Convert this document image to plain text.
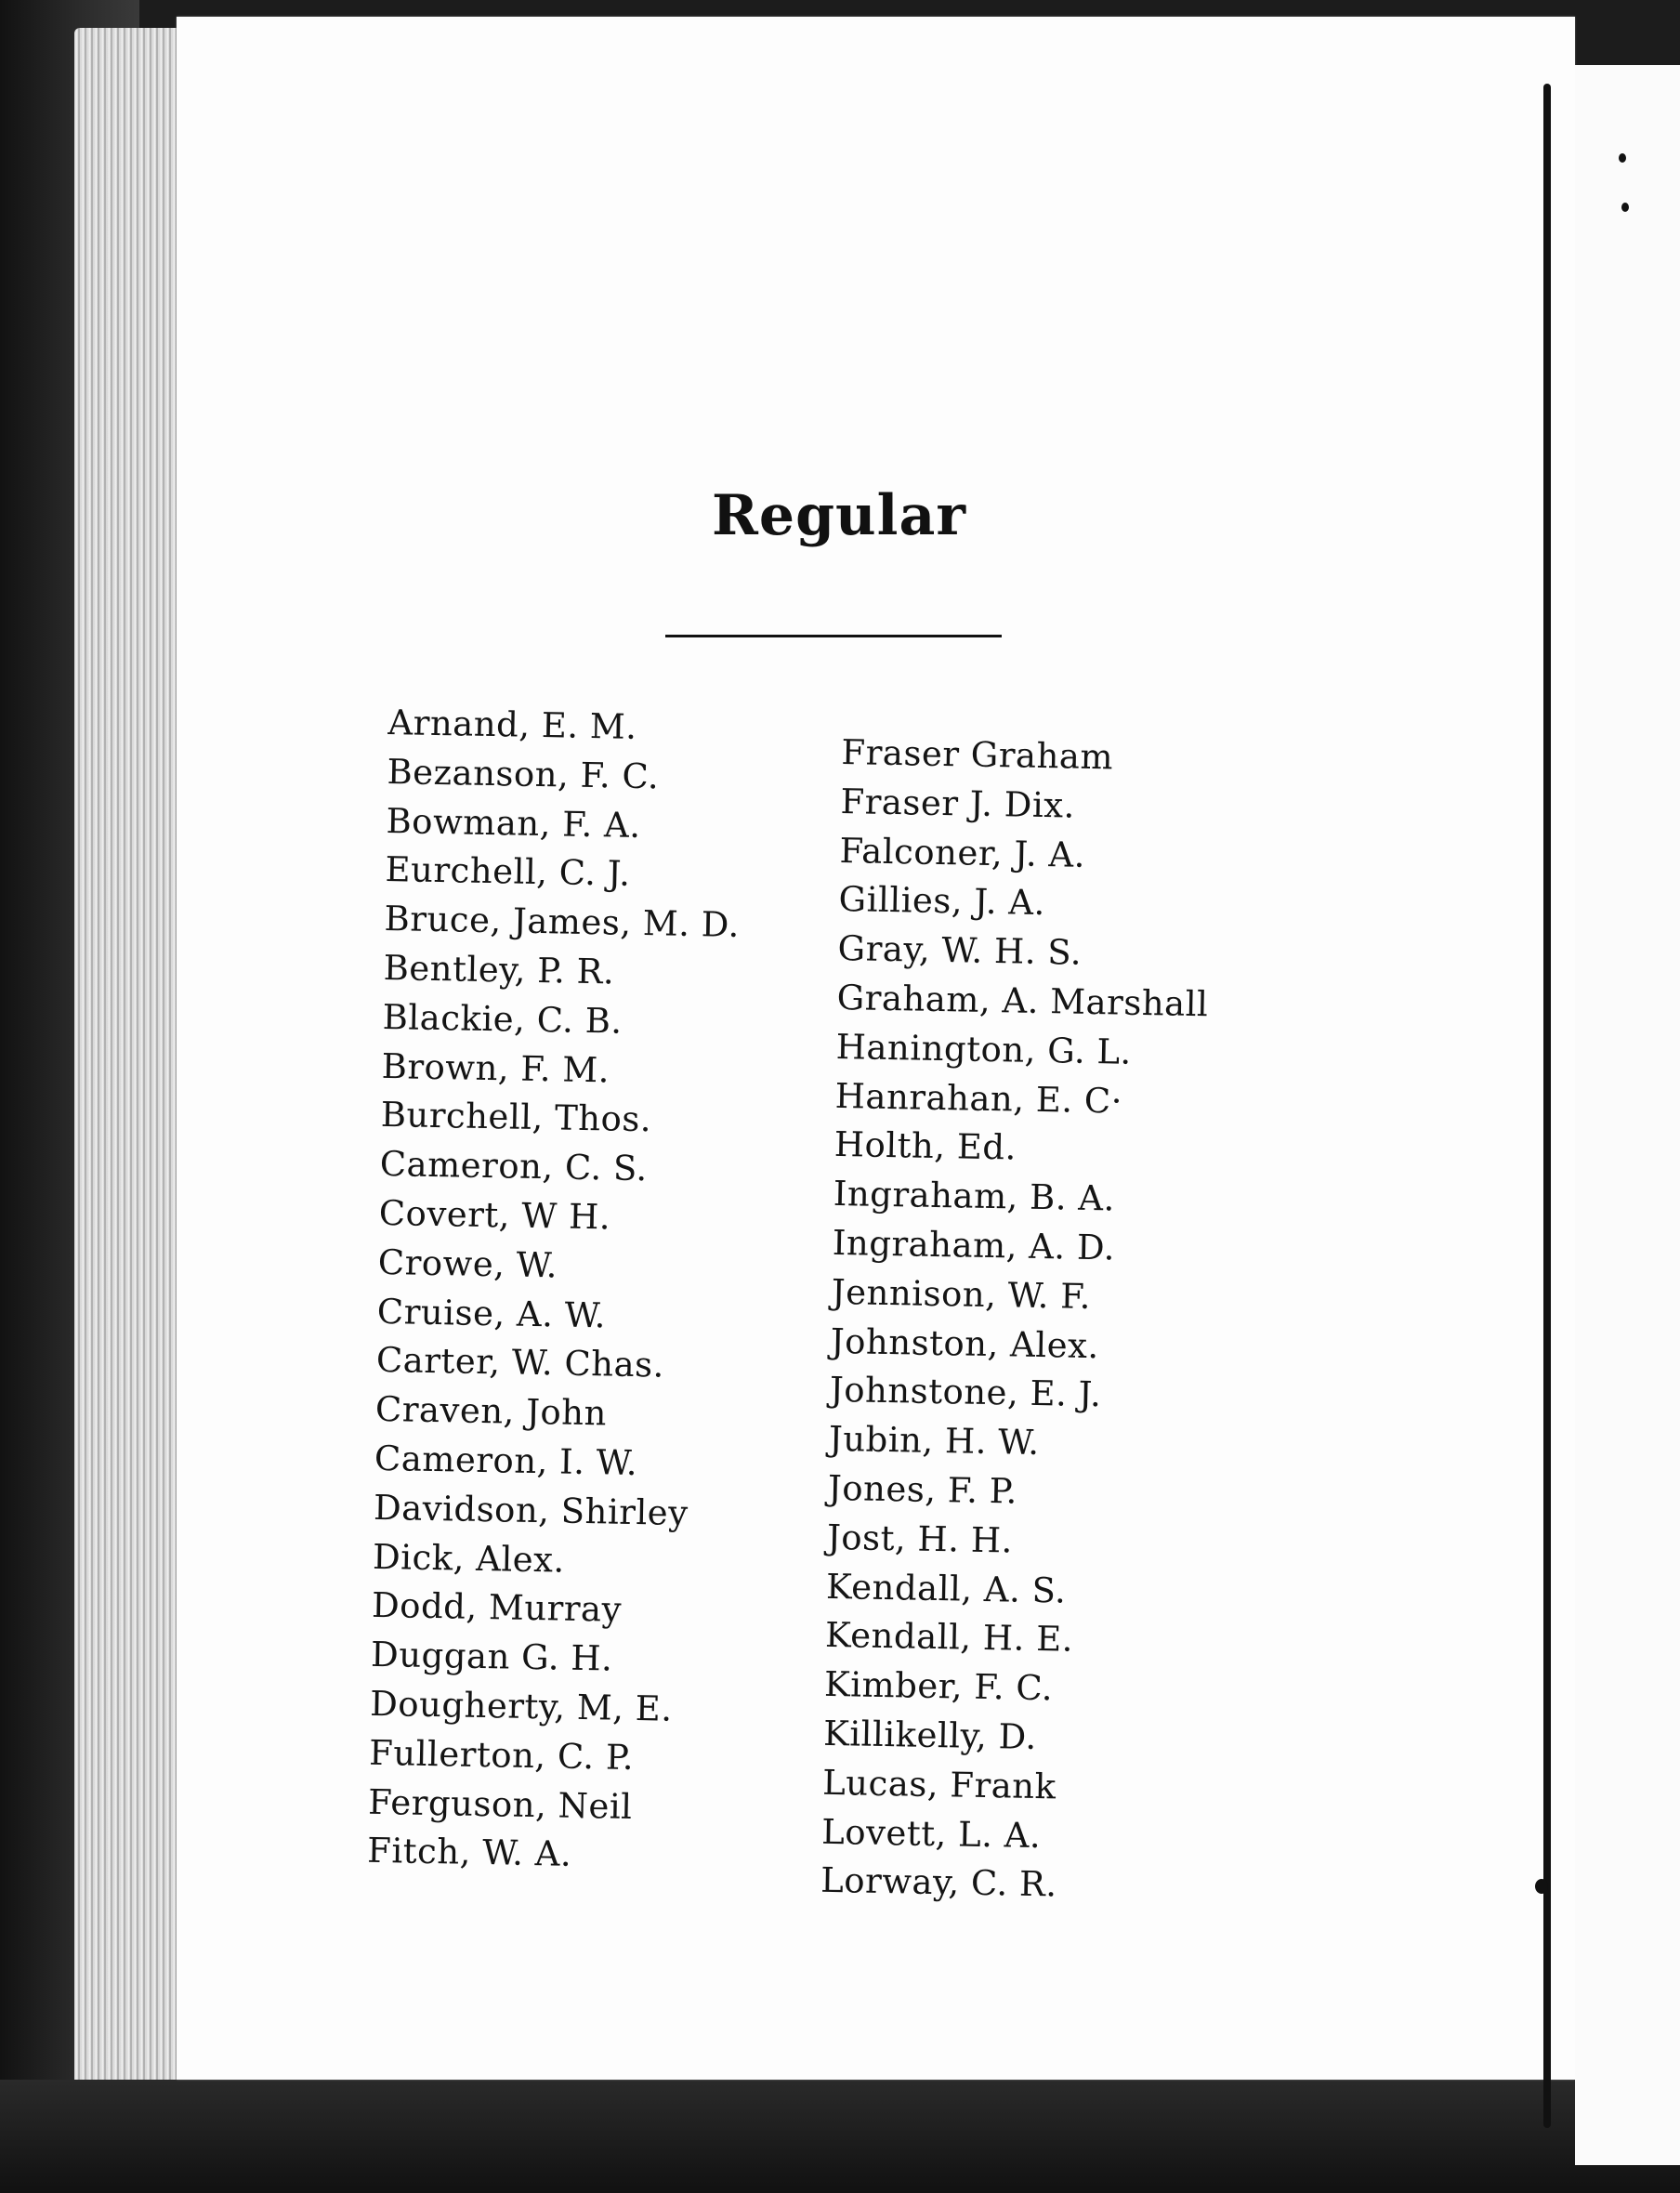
Regular
Arnand, E. M.
Bezanson, F. C.
Bowman, F. A.
Eurchell, C. J.
Bruce, James, M. D.
Bentley, P. R.
Blackie, C. B.
Brown, F. M.
Burchell, Thos.
Cameron, C. S.
Covert, W H.
Crowe, W.
Cruise, A. W.
Carter, W. Chas.
Craven, John
Cameron, I. W.
Davidson, Shirley
Dick, Alex.
Dodd, Murray
Duggan G. H.
Dougherty, M, E.
Fullerton, C. P.
Ferguson, Neil
Fitch, W. A.
Fraser Graham
Fraser J. Dix.
Falconer, J. A.
Gillies, J. A.
Gray, W. H. S.
Graham, A. Marshall
Hanington, G. L.
Hanrahan, E. C·
Holth, Ed.
Ingraham, B. A.
Ingraham, A. D.
Jennison, W. F.
Johnston, Alex.
Johnstone, E. J.
Jubin, H. W.
Jones, F. P.
Jost, H. H.
Kendall, A. S.
Kendall, H. E.
Kimber, F. C.
Killikelly, D.
Lucas, Frank
Lovett, L. A.
Lorway, C. R.
